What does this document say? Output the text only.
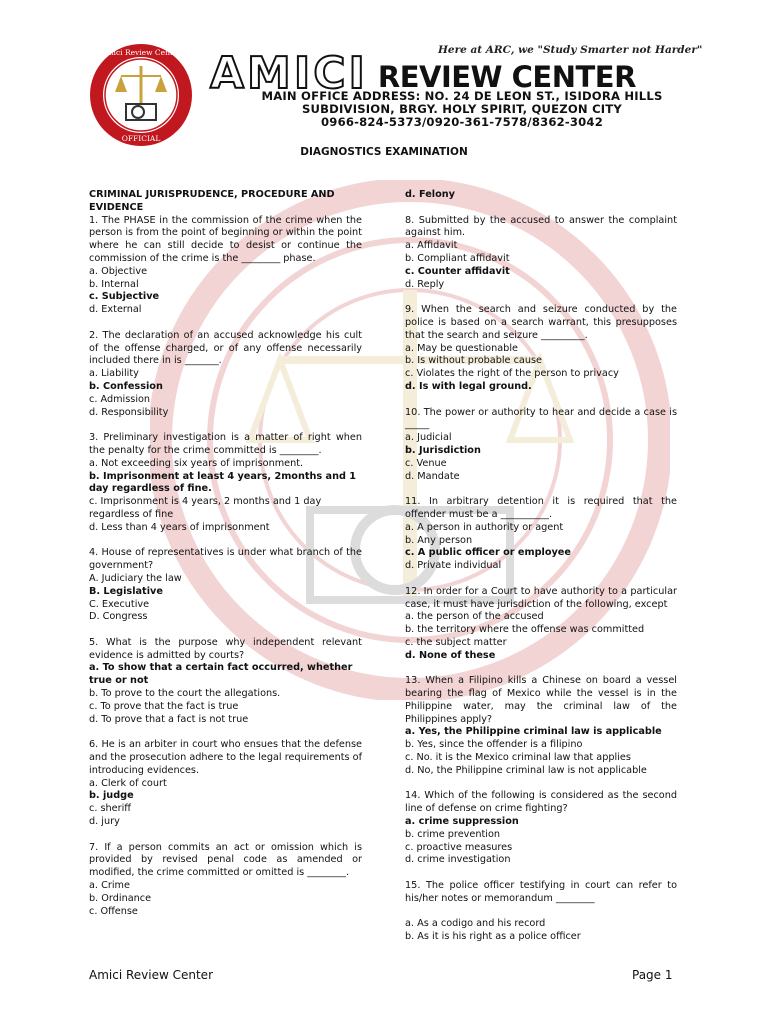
Amici Review Center
OFFICIAL
Here at ARC, we "Study Smarter not Harder"
AMICI REVIEW CENTER
MAIN OFFICE ADDRESS: NO. 24 DE LEON ST., ISIDORA HILLS
SUBDIVISION, BRGY. HOLY SPIRIT, QUEZON CITY
0966-824-5373/0920-361-7578/8362-3042
DIAGNOSTICS EXAMINATION
CRIMINAL JURISPRUDENCE, PROCEDURE AND EVIDENCE
1. The PHASE in the commission of the crime when the person is from the point of beginning or within the point where he can still decide to desist or continue the commission of the crime is the ________ phase.
a. Objective
b. Internal
c. Subjective
d. External
2. The declaration of an accused acknowledge his cult of the offense charged, or of any offense necessarily included there in is _______.
a. Liability
b. Confession
c. Admission
d. Responsibility
3. Preliminary investigation is a matter of right when the penalty for the crime committed is ________.
a. Not exceeding six years of imprisonment.
b. Imprisonment at least 4 years, 2months and 1 day regardless of fine.
c. Imprisonment is 4 years, 2 months and 1 day regardless of fine
d. Less than 4 years of imprisonment
4. House of representatives is under what branch of the government?
A. Judiciary the law
B. Legislative
C. Executive
D. Congress
5. What is the purpose why independent relevant evidence is admitted by courts?
a. To show that a certain fact occurred, whether true or not
b. To prove to the court the allegations.
c. To prove that the fact is true
d. To prove that a fact is not true
6. He is an arbiter in court who ensues that the defense and the prosecution adhere to the legal requirements of introducing evidences.
a. Clerk of court
b. judge
c. sheriff
d. jury
7. If a person commits an act or omission which is provided by revised penal code as amended or modified, the crime committed or omitted is ________.
a. Crime
b. Ordinance
c. Offense
d. Felony
8. Submitted by the accused to answer the complaint against him.
a. Affidavit
b. Compliant affidavit
c. Counter affidavit
d. Reply
9. When the search and seizure conducted by the police is based on a search warrant, this presupposes that the search and seizure _________.
a. May be questionable
b. Is without probable cause
c. Violates the right of the person to privacy
d. Is with legal ground.
10. The power or authority to hear and decide a case is _____
a. Judicial
b. Jurisdiction
c. Venue
d. Mandate
11. In arbitrary detention it is required that the offender must be a __________.
a. A person in authority or agent
b. Any person
c. A public officer or employee
d. Private individual
12. In order for a Court to have authority to a particular case, it must have jurisdiction of the following, except
a. the person of the accused
b. the territory where the offense was committed
c. the subject matter
d. None of these
13. When a Filipino kills a Chinese on board a vessel bearing the flag of Mexico while the vessel is in the Philippine water, may the criminal law of the Philippines apply?
a. Yes, the Philippine criminal law is applicable
b. Yes, since the offender is a filipino
c. No. it is the Mexico criminal law that applies
d. No, the Philippine criminal law is not applicable
14. Which of the following is considered as the second line of defense on crime fighting?
a. crime suppression
b. crime prevention
c. proactive measures
d. crime investigation
15. The police officer testifying in court can refer to his/her notes or memorandum ________
a. As a codigo and his record
b. As it is his right as a police officer
Amici Review Center	Page 1
